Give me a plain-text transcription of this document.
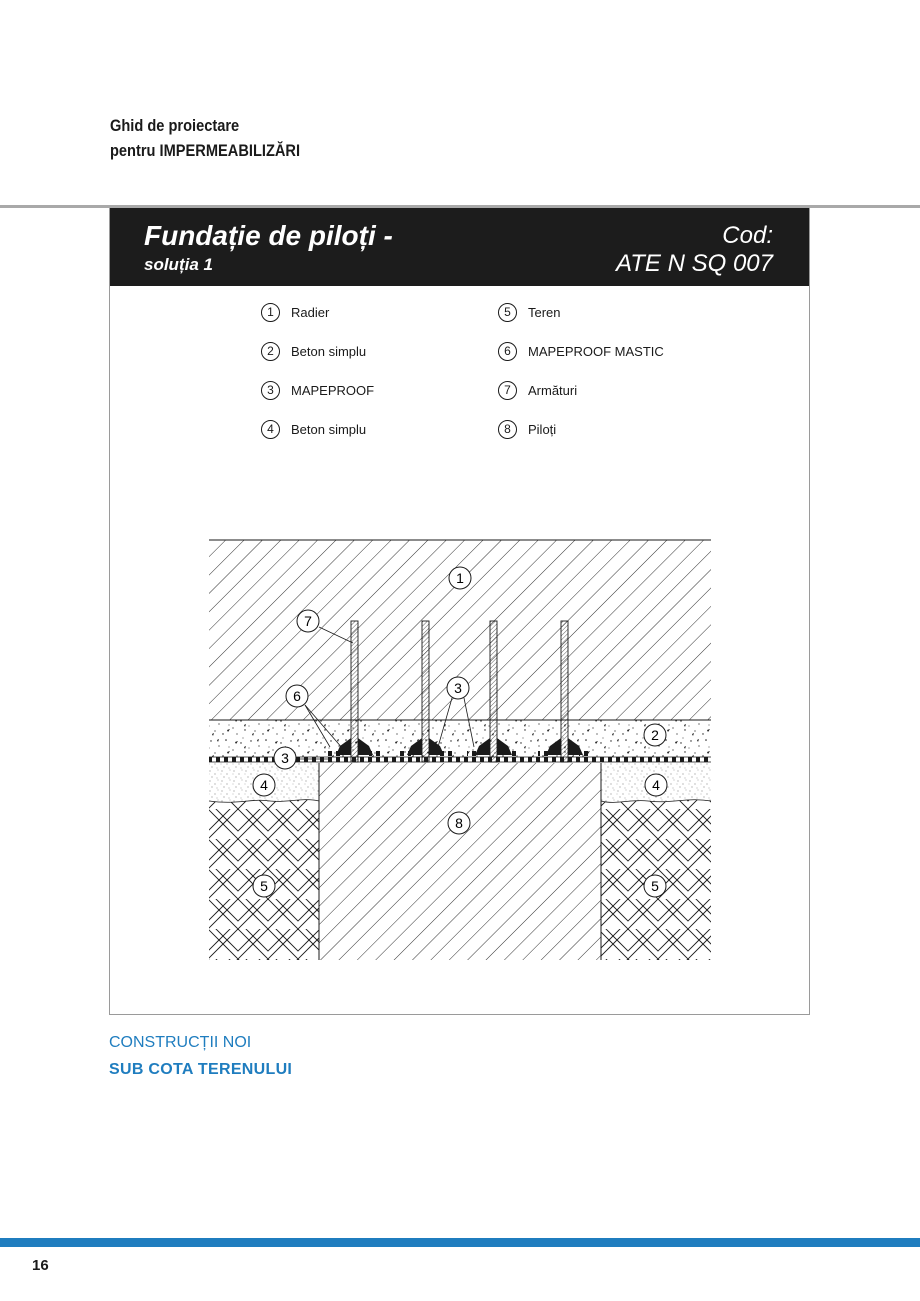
Ghid de proiectare
pentru IMPERMEABILIZĂRI
Fundație de piloți -
soluția 1
Cod:
ATE N SQ 007
1	Radier
2	Beton simplu
3	MAPEPROOF
4	Beton simplu
5	Teren
6	MAPEPROOF MASTIC
7	Armături
8	Piloți
1
7
6	3
2
3
4	4
8
5	5
CONSTRUCȚII NOI
SUB COTA TERENULUI
16
